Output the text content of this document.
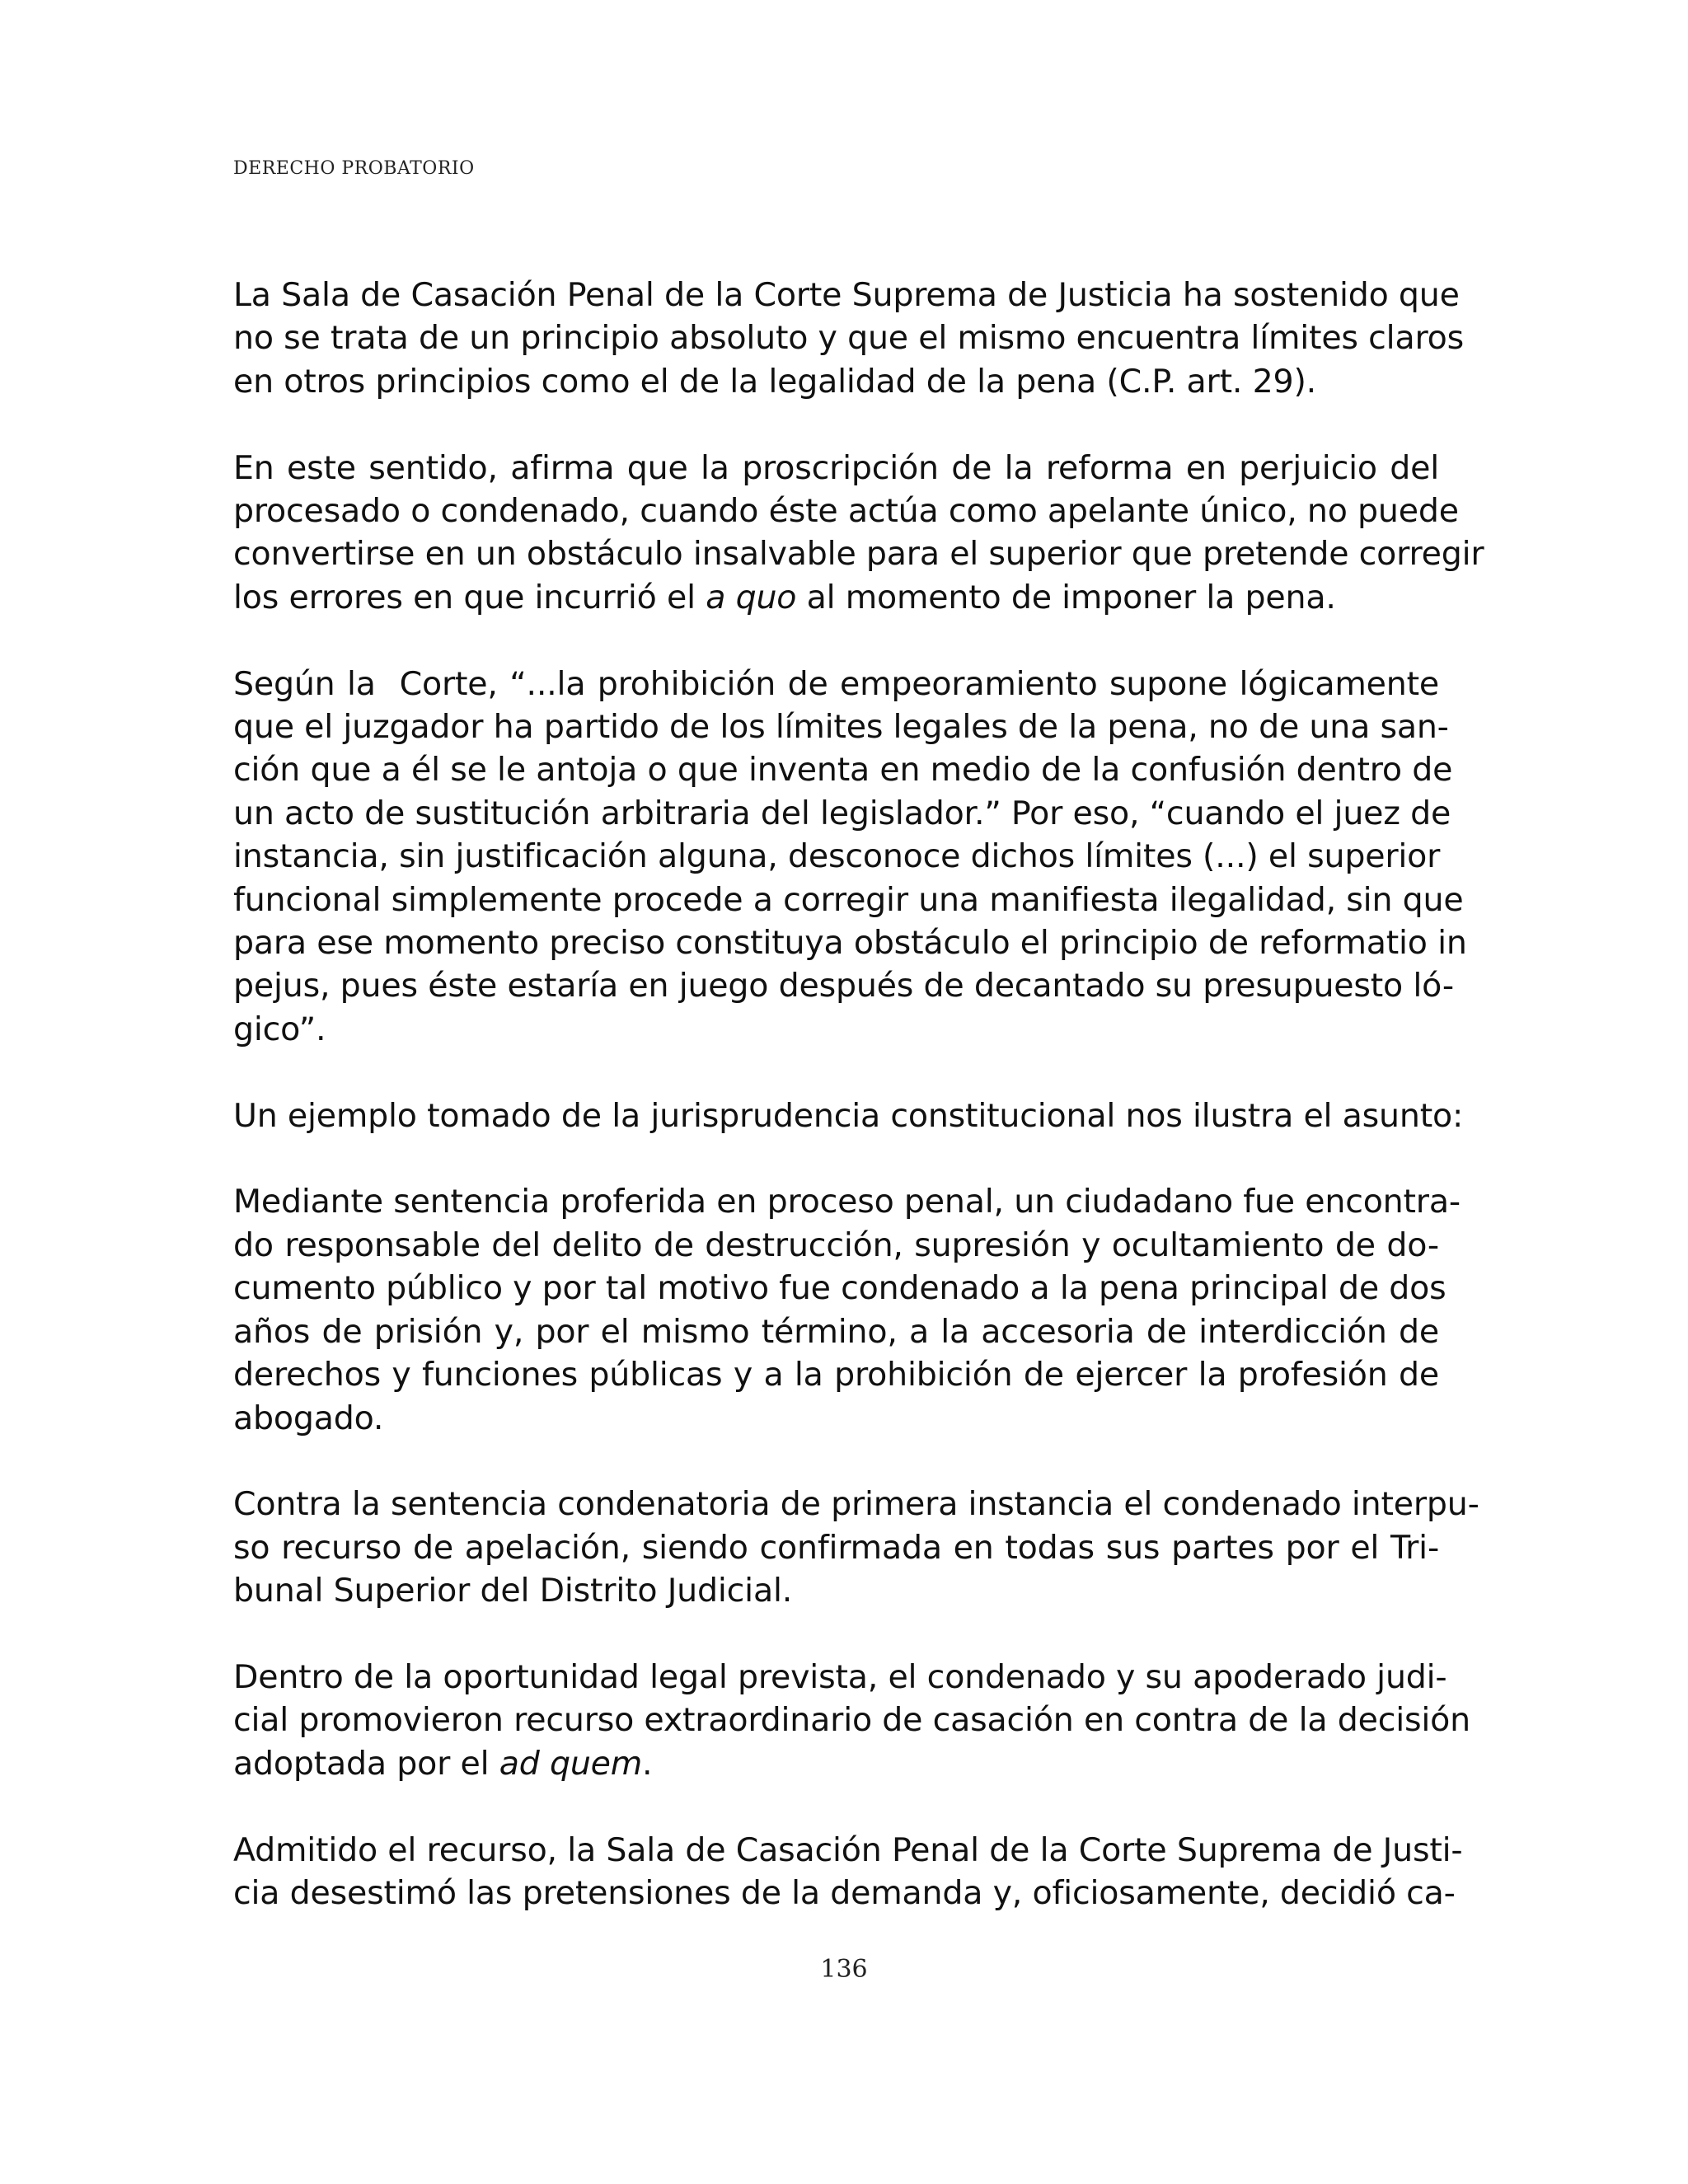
DERECHO PROBATORIO

La Sala de Casación Penal de la Corte Suprema de Justicia ha sostenido que
no se trata de un principio absoluto y que el mismo encuentra límites claros
en otros principios como el de la legalidad de la pena (C.P. art. 29).

En este sentido, afirma que la proscripción de la reforma en perjuicio del
procesado o condenado, cuando éste actúa como apelante único, no puede
convertirse en un obstáculo insalvable para el superior que pretende corregir
los errores en que incurrió el a quo al momento de imponer la pena.

Según la  Corte, “...la prohibición de empeoramiento supone lógicamente
que el juzgador ha partido de los límites legales de la pena, no de una san-
ción que a él se le antoja o que inventa en medio de la confusión dentro de
un acto de sustitución arbitraria del legislador.” Por eso, “cuando el juez de
instancia, sin justificación alguna, desconoce dichos límites (...) el superior
funcional simplemente procede a corregir una manifiesta ilegalidad, sin que
para ese momento preciso constituya obstáculo el principio de reformatio in
pejus, pues éste estaría en juego después de decantado su presupuesto ló-
gico”.

Un ejemplo tomado de la jurisprudencia constitucional nos ilustra el asunto:

Mediante sentencia proferida en proceso penal, un ciudadano fue encontra-
do responsable del delito de destrucción, supresión y ocultamiento de do-
cumento público y por tal motivo fue condenado a la pena principal de dos
años de prisión y, por el mismo término, a la accesoria de interdicción de
derechos y funciones públicas y a la prohibición de ejercer la profesión de
abogado.

Contra la sentencia condenatoria de primera instancia el condenado interpu-
so recurso de apelación, siendo confirmada en todas sus partes por el Tri-
bunal Superior del Distrito Judicial.

Dentro de la oportunidad legal prevista, el condenado y su apoderado judi-
cial promovieron recurso extraordinario de casación en contra de la decisión
adoptada por el ad quem.

Admitido el recurso, la Sala de Casación Penal de la Corte Suprema de Justi-
cia desestimó las pretensiones de la demanda y, oficiosamente, decidió ca-

136
